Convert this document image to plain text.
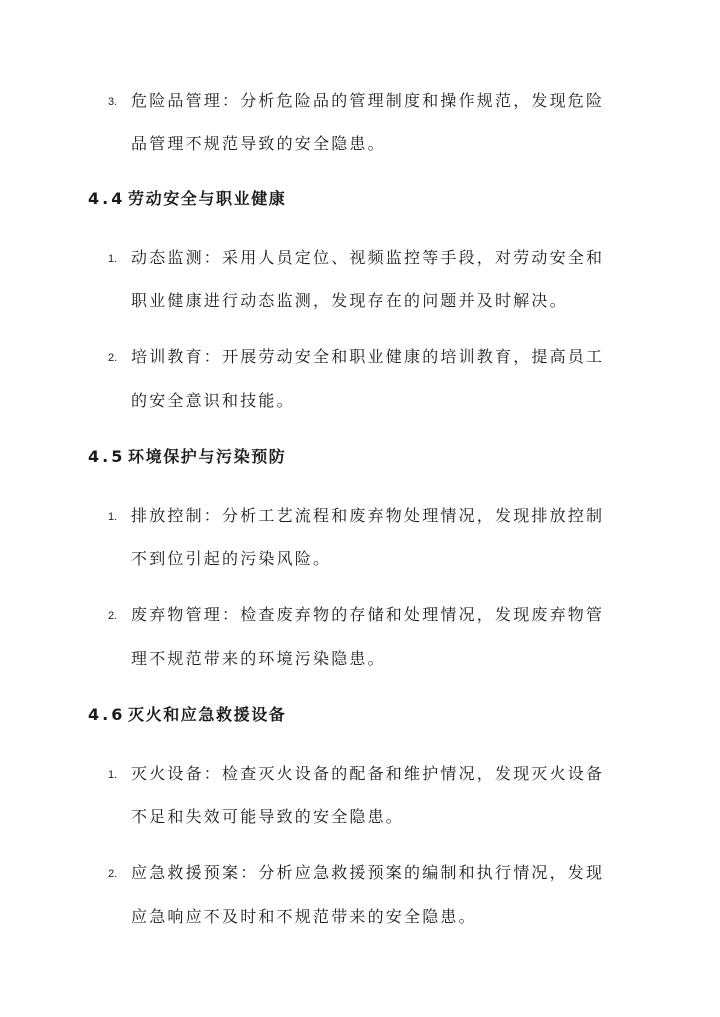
3. 危险品管理：分析危险品的管理制度和操作规范，发现危险
品管理不规范导致的安全隐患。
4.4 劳动安全与职业健康
1. 动态监测：采用人员定位、视频监控等手段，对劳动安全和
职业健康进行动态监测，发现存在的问题并及时解决。
2. 培训教育：开展劳动安全和职业健康的培训教育，提高员工
的安全意识和技能。
4.5 环境保护与污染预防
1. 排放控制：分析工艺流程和废弃物处理情况，发现排放控制
不到位引起的污染风险。
2. 废弃物管理：检查废弃物的存储和处理情况，发现废弃物管
理不规范带来的环境污染隐患。
4.6 灭火和应急救援设备
1. 灭火设备：检查灭火设备的配备和维护情况，发现灭火设备
不足和失效可能导致的安全隐患。
2. 应急救援预案：分析应急救援预案的编制和执行情况，发现
应急响应不及时和不规范带来的安全隐患。
